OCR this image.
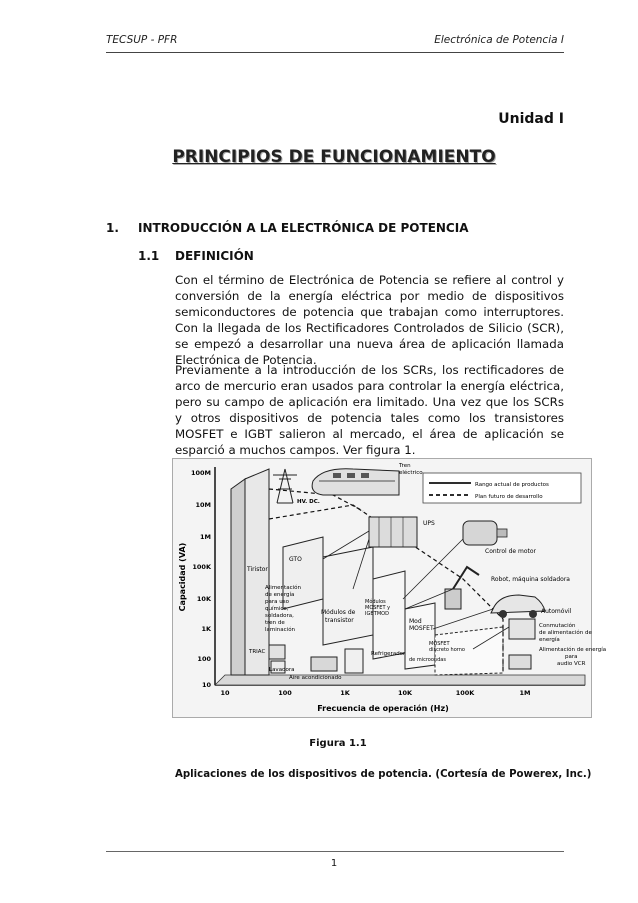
TECSUP - PFR	Electrónica de Potencia I
Unidad I
PRINCIPIOS DE FUNCIONAMIENTO
1. INTRODUCCIÓN A LA ELECTRÓNICA DE POTENCIA
1.1 DEFINICIÓN
Con el término de Electrónica de Potencia se refiere al control y conversión de la energía eléctrica por medio de dispositivos semiconductores de potencia que trabajan como interruptores. Con la llegada de los Rectificadores Controlados de Silicio (SCR), se empezó a desarrollar una nueva área de aplicación llamada Electrónica de Potencia.
Previamente a la introducción de los SCRs, los rectificadores de arco de mercurio eran usados para controlar la energía eléctrica, pero su campo de aplicación era limitado. Una vez que los SCRs y otros dispositivos de potencia tales como los transistores MOSFET e IGBT salieron al mercado, el área de aplicación se esparció a muchos campos. Ver figura 1.
100M
10M
1M
100K
10K
1K
100
10
10	100	1K	10K	100K	1M
Capacidad (VA)
Frecuencia de operación (Hz)
Rango actual de productos
Plan futuro de desarrollo
Tiristor
GTO
Módulos de
transistor
Módulos
MOSFET y
IGBTMOD
Mod
MOSFET
MOSFET
discreto horno
de microondas
Alimentación
de energía
para uso
químico,
soldadora,
tren de
laminación
HV. DC.
Tren
eléctrico
UPS
Control de motor
Robot, máquina soldadora
Automóvil
Conmutación
de alimentación de
energía
Alimentación de energía
para
audio VCR
TRIAC
Lavadora
Aire acondicionado
Refrigerador
Figura 1.1
Aplicaciones de los dispositivos de potencia. (Cortesía de Powerex, Inc.)
1
